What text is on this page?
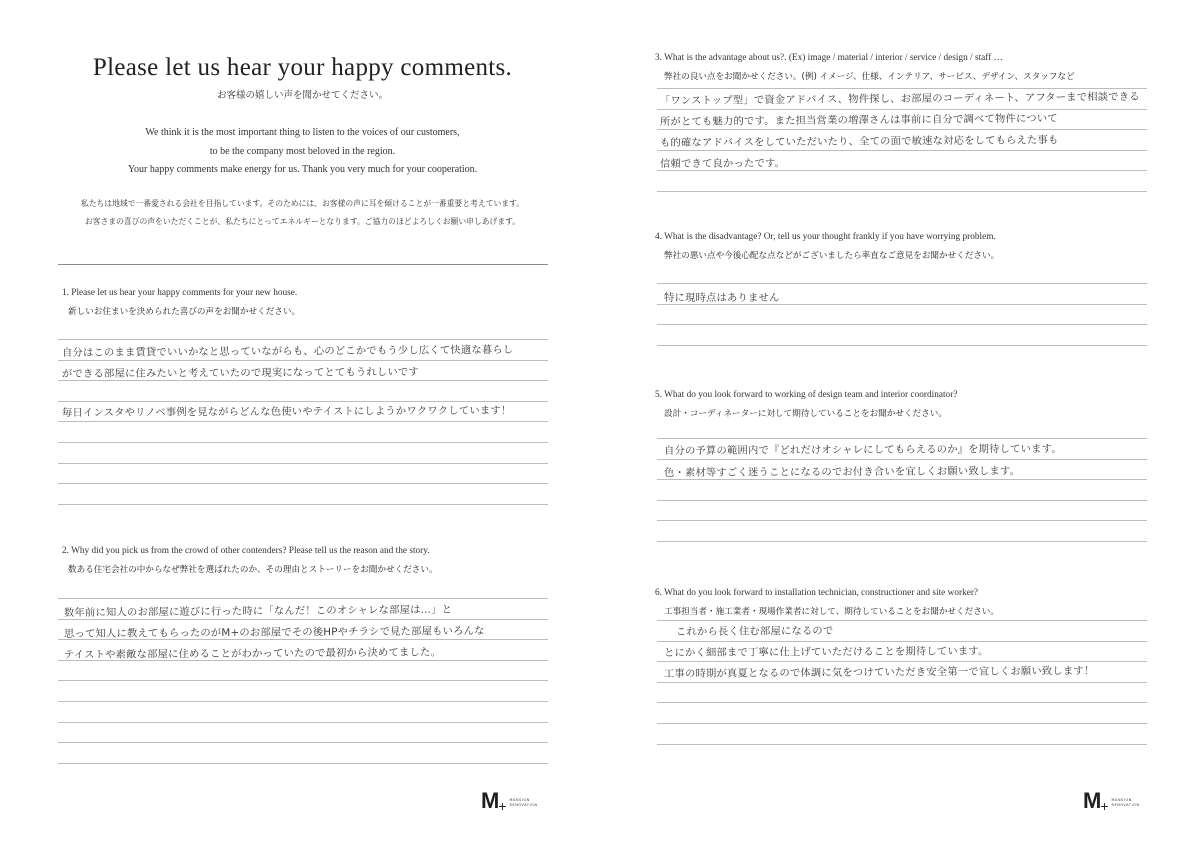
Please let us hear your happy comments.
お客様の嬉しい声を聞かせてください。
We think it is the most important thing to listen to the voices of our customers,
to be the company most beloved in the region.
Your happy comments make energy for us. Thank you very much for your cooperation.
私たちは地域で一番愛される会社を目指しています。そのためには、お客様の声に耳を傾けることが一番重要と考えています。
お客さまの喜びの声をいただくことが、私たちにとってエネルギーとなります。ご協力のほどよろしくお願い申しあげます。
1. Please let us hear your happy comments for your new house.
新しいお住まいを決められた喜びの声をお聞かせください。
自分はこのまま賃貸でいいかなと思っていながらも、心のどこかでもう少し広くて快適な暮らし
ができる部屋に住みたいと考えていたので現実になってとてもうれしいです
毎日インスタやリノベ事例を見ながらどんな色使いやテイストにしようかワクワクしています！
2. Why did you pick us from the crowd of other contenders? Please tell us the reason and the story.
数ある住宅会社の中からなぜ弊社を選ばれたのか、その理由とストーリーをお聞かせください。
数年前に知人のお部屋に遊びに行った時に「なんだ！このオシャレな部屋は…」と
思って知人に教えてもらったのがM+のお部屋でその後HPやチラシで見た部屋もいろんな
テイストや素敵な部屋に住めることがわかっていたので最初から決めてました。
M + MANSION
RENOVATION
3. What is the advantage about us?. (Ex) image / material / interior / service / design / staff …
弊社の良い点をお聞かせください。(例) イメージ、仕様、インテリア、サービス、デザイン、スタッフなど
「ワンストップ型」で資金アドバイス、物件探し、お部屋のコーディネート、アフターまで相談できる
所がとても魅力的です。また担当営業の増澤さんは事前に自分で調べて物件について
も的確なアドバイスをしていただいたり、全ての面で敏速な対応をしてもらえた事も
信頼できて良かったです。
4. What is the disadvantage? Or, tell us your thought frankly if you have worrying problem.
弊社の悪い点や今後心配な点などがございましたら率直なご意見をお聞かせください。
特に現時点はありません
5. What do you look forward to working of design team and interior coordinator?
設計・コーディネーターに対して期待していることをお聞かせください。
自分の予算の範囲内で『どれだけオシャレにしてもらえるのか』を期待しています。
色・素材等すごく迷うことになるのでお付き合いを宜しくお願い致します。
6. What do you look forward to installation technician, constructioner and site worker?
工事担当者・施工業者・現場作業者に対して、期待していることをお聞かせください。
これから長く住む部屋になるので
とにかく細部まで丁寧に仕上げていただけることを期待しています。
工事の時期が真夏となるので体調に気をつけていただき安全第一で宜しくお願い致します！
M + MANSION
RENOVATION
